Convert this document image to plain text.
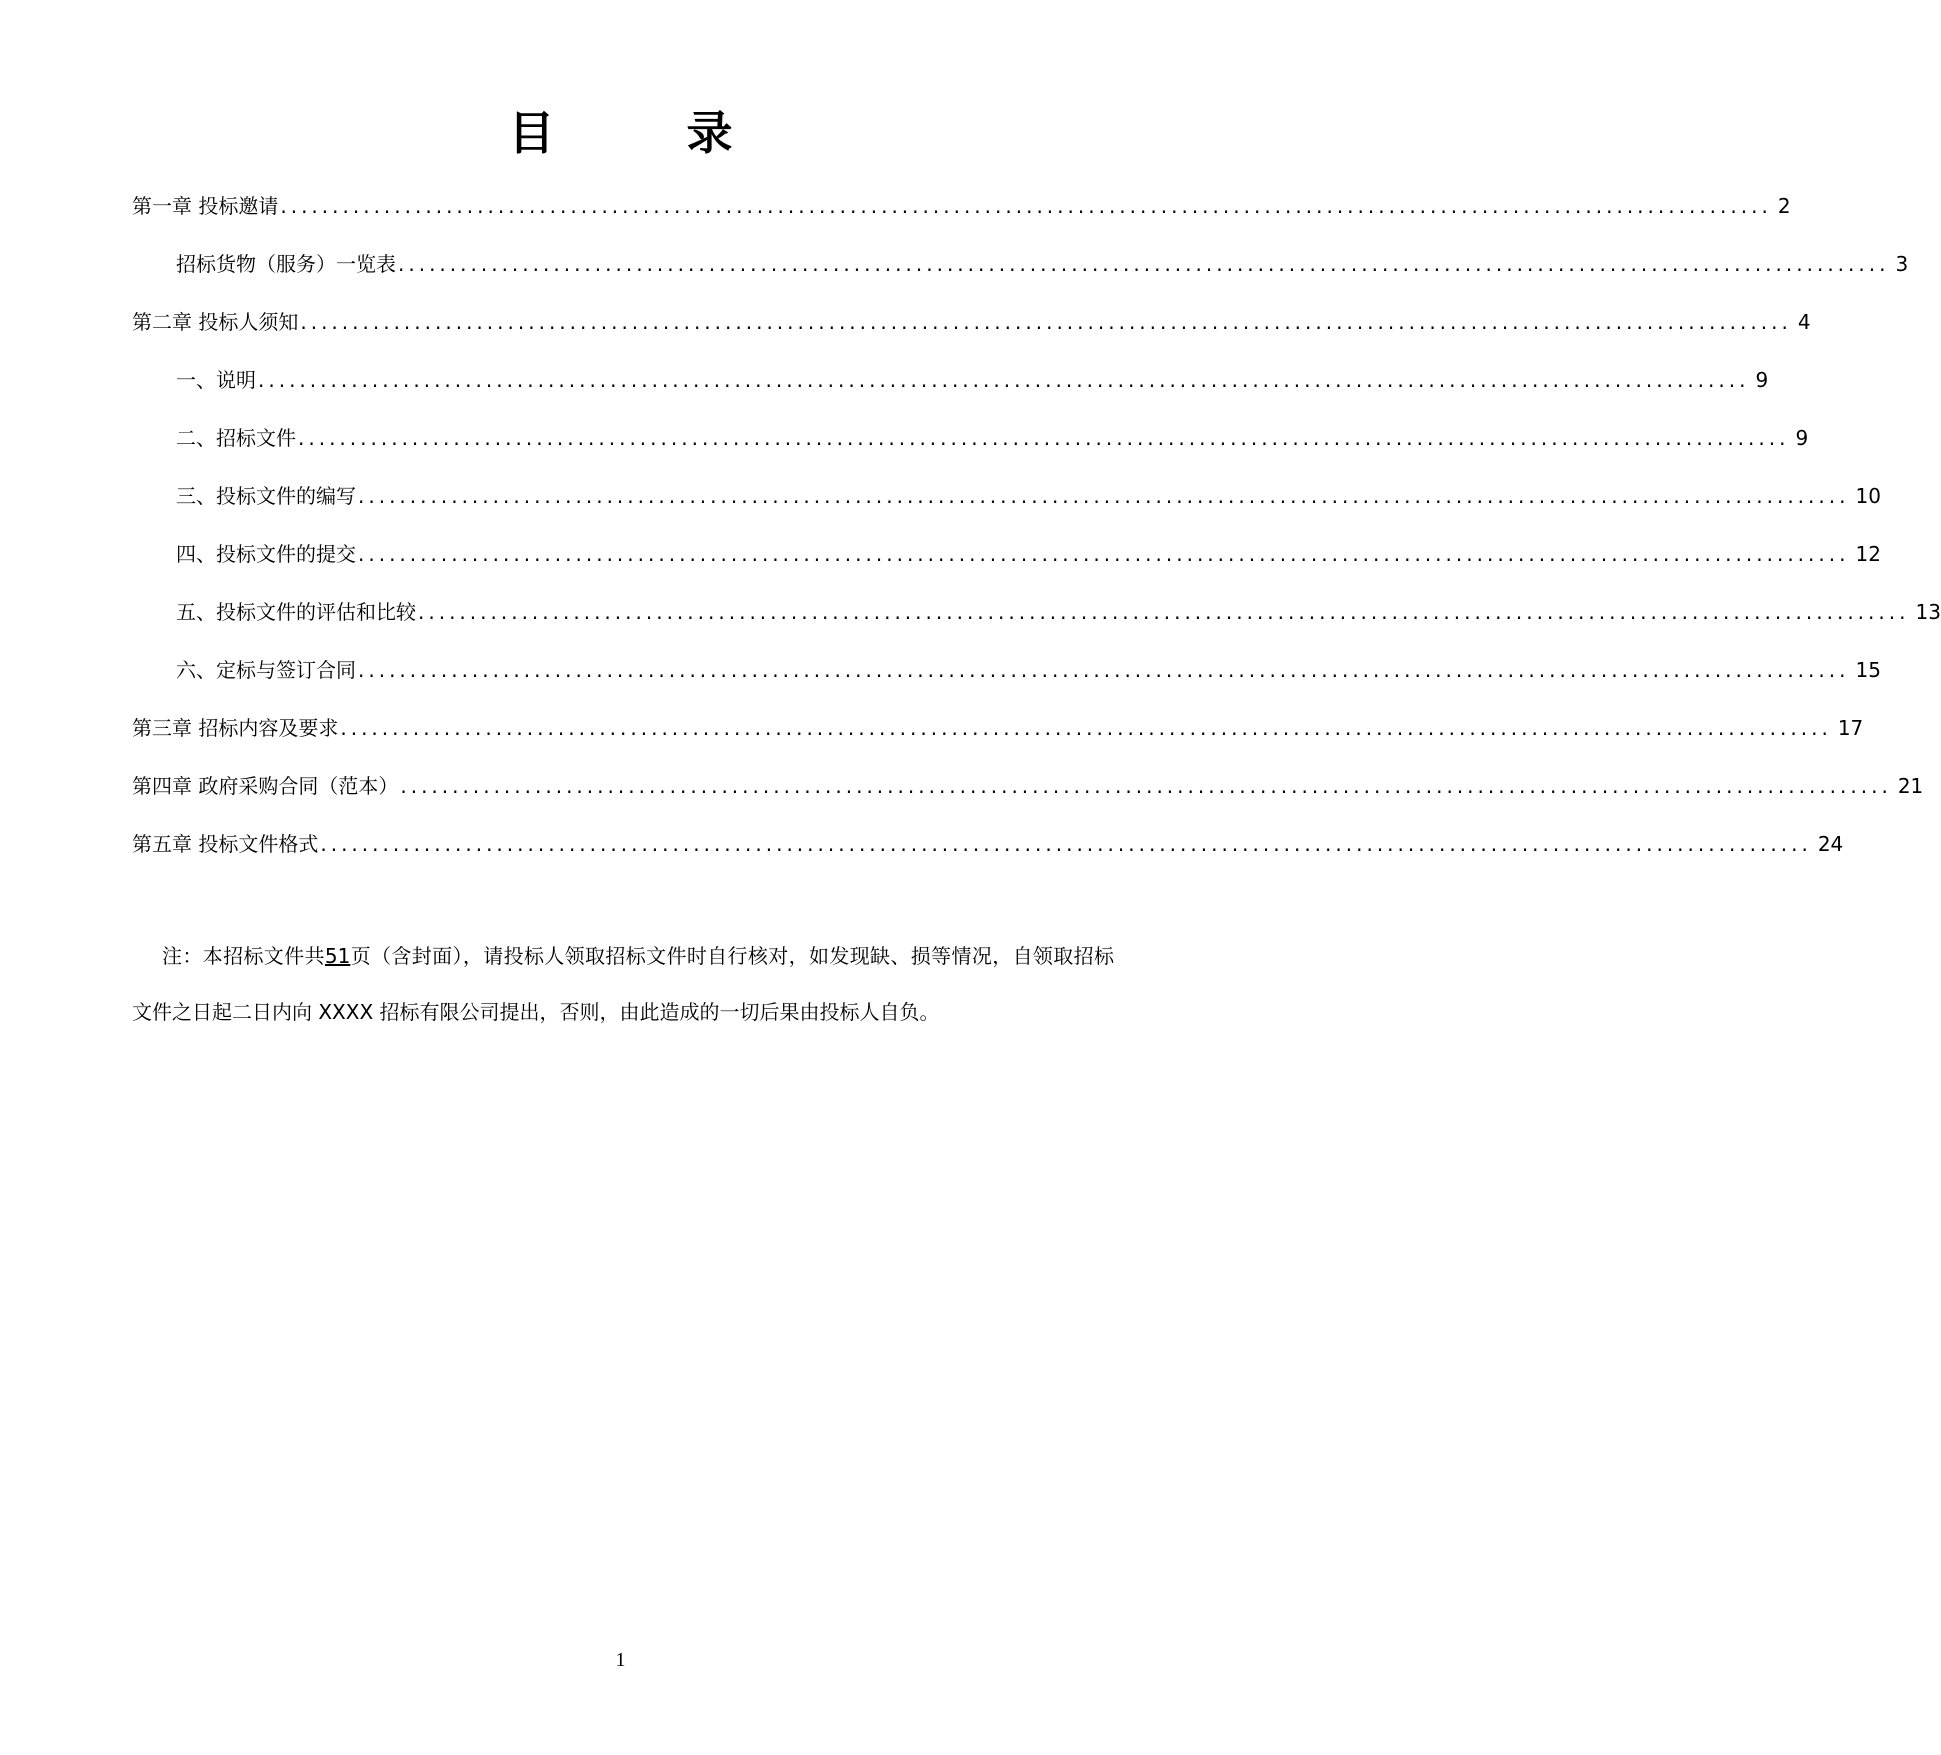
目 录
第一章 投标邀请 ................................................................................................................................................ 2
招标货物（服务）一览表 ................................................................................................................................................ 3
第二章 投标人须知 ................................................................................................................................................ 4
一、说明 ................................................................................................................................................ 9
二、招标文件 ................................................................................................................................................ 9
三、投标文件的编写 ................................................................................................................................................ 10
四、投标文件的提交 ................................................................................................................................................ 12
五、投标文件的评估和比较 ................................................................................................................................................ 13
六、定标与签订合同 ................................................................................................................................................ 15
第三章 招标内容及要求 ................................................................................................................................................ 17
第四章 政府采购合同（范本） ................................................................................................................................................ 21
第五章 投标文件格式 ................................................................................................................................................ 24
注：本招标文件共51页（含封面），请投标人领取招标文件时自行核对，如发现缺、损等情况，自领取招标文件之日起二日内向 XXXX 招标有限公司提出，否则，由此造成的一切后果由投标人自负。
1
